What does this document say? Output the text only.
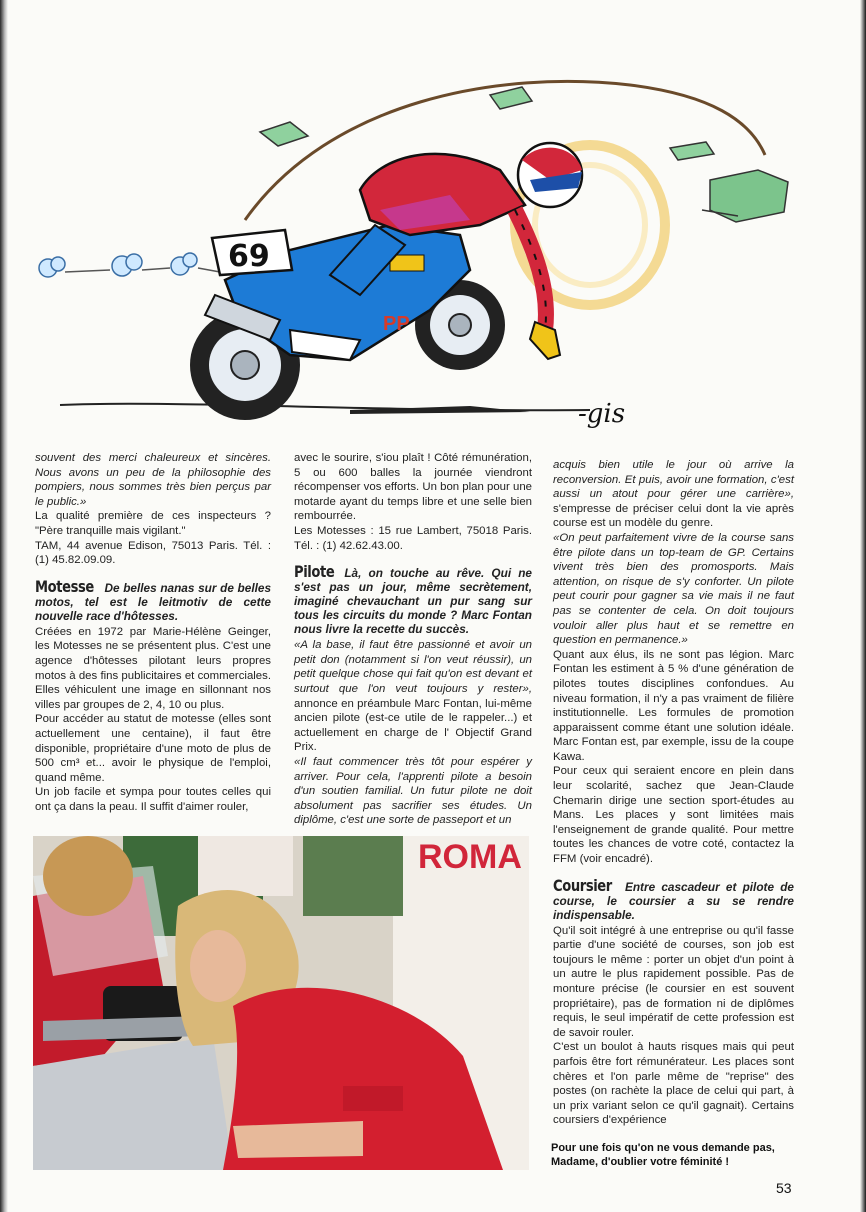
PP
69
-gis

souvent des merci chaleureux et sincères. Nous avons un peu de la philosophie des pompiers, nous sommes très bien perçus par le public.»

La qualité première de ces inspecteurs ? "Père tranquille mais vigilant."

TAM, 44 avenue Edison, 75013 Paris. Tél. : (1) 45.82.09.09.

Motesse De belles nanas sur de belles motos, tel est le leitmotiv de cette nouvelle race d'hôtesses.

Créées en 1972 par Marie-Hélène Geinger, les Motesses ne se présentent plus. C'est une agence d'hôtesses pilotant leurs propres motos à des fins publicitaires et commerciales. Elles véhiculent une image en sillonnant nos villes par groupes de 2, 4, 10 ou plus.

Pour accéder au statut de motesse (elles sont actuellement une centaine), il faut être disponible, propriétaire d'une moto de plus de 500 cm³ et... avoir le physique de l'emploi, quand même.

Un job facile et sympa pour toutes celles qui ont ça dans la peau. Il suffit d'aimer rouler,

avec le sourire, s'iou plaît ! Côté rémunération, 5 ou 600 balles la journée viendront récompenser vos efforts. Un bon plan pour une motarde ayant du temps libre et une selle bien rembourrée.

Les Motesses : 15 rue Lambert, 75018 Paris. Tél. : (1) 42.62.43.00.

Pilote Là, on touche au rêve. Qui ne s'est pas un jour, même secrètement, imaginé chevauchant un pur sang sur tous les circuits du monde ? Marc Fontan nous livre la recette du succès.

«A la base, il faut être passionné et avoir un petit don (notamment si l'on veut réussir), un petit quelque chose qui fait qu'on est devant et surtout que l'on veut toujours y rester», annonce en préambule Marc Fontan, lui-même ancien pilote (est-ce utile de le rappeler...) et actuellement en charge de l' Objectif Grand Prix.

«Il faut commencer très tôt pour espérer y arriver. Pour cela, l'apprenti pilote a besoin d'un soutien familial. Un futur pilote ne doit absolument pas sacrifier ses études. Un diplôme, c'est une sorte de passeport et un

acquis bien utile le jour où arrive la reconversion. Et puis, avoir une formation, c'est aussi un atout pour gérer une carrière», s'empresse de préciser celui dont la vie après course est un modèle du genre.

«On peut parfaitement vivre de la course sans être pilote dans un top-team de GP. Certains vivent très bien des promosports. Mais attention, on risque de s'y conforter. Un pilote peut courir pour gagner sa vie mais il ne faut pas se contenter de cela. On doit toujours vouloir aller plus haut et se remettre en question en permanence.»

Quant aux élus, ils ne sont pas légion. Marc Fontan les estiment à 5 % d'une génération de pilotes toutes disciplines confondues. Au niveau formation, il n'y a pas vraiment de filière institutionnelle. Les formules de promotion apparaissent comme étant une solution idéale. Marc Fontan est, par exemple, issu de la coupe Kawa.

Pour ceux qui seraient encore en plein dans leur scolarité, sachez que Jean-Claude Chemarin dirige une section sport-études au Mans. Les places y sont limitées mais l'enseignement de grande qualité. Pour mettre toutes les chances de votre coté, contactez la FFM (voir encadré).

Coursier Entre cascadeur et pilote de course, le coursier a su se rendre indispensable.

Qu'il soit intégré à une entreprise ou qu'il fasse partie d'une société de courses, son job est toujours le même : porter un objet d'un point à un autre le plus rapidement possible. Pas de monture précise (le coursier en est souvent propriétaire), pas de formation ni de diplômes requis, le seul impératif de cette profession est de savoir rouler.

C'est un boulot à hauts risques mais qui peut parfois être fort rémunérateur. Les places sont chères et l'on parle même de "reprise" des postes (on rachète la place de celui qui part, à un prix variant selon ce qu'il gagnait). Certains coursiers d'expérience

ROMA
Pour une fois qu'on ne vous demande pas, Madame, d'oublier votre féminité !
53
